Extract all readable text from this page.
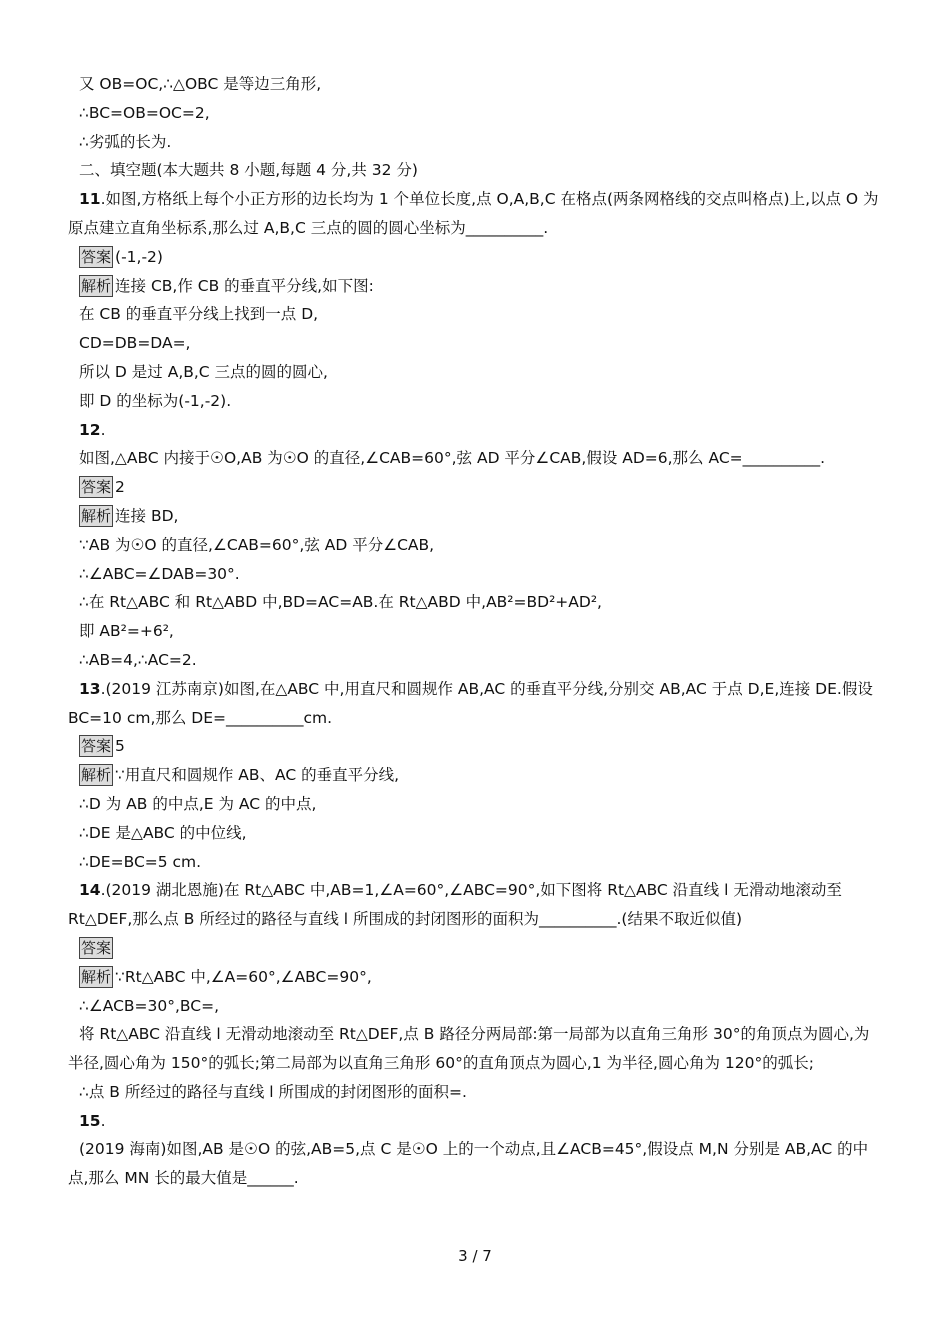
又 OB=OC,∴△OBC 是等边三角形,
∴BC=OB=OC=2,
∴劣弧的长为.
二、填空题(本大题共 8 小题,每题 4 分,共 32 分)
11.如图,方格纸上每个小正方形的边长均为 1 个单位长度,点 O,A,B,C 在格点(两条网格线的交点叫格点)上,以点 O 为原点建立直角坐标系,那么过 A,B,C 三点的圆的圆心坐标为__________.
答案 (-1,-2)
解析 连接 CB,作 CB 的垂直平分线,如下图:
在 CB 的垂直平分线上找到一点 D,
CD=DB=DA=,
所以 D 是过 A,B,C 三点的圆的圆心,
即 D 的坐标为(-1,-2).
12.
如图,△ABC 内接于☉O,AB 为☉O 的直径,∠CAB=60°,弦 AD 平分∠CAB,假设 AD=6,那么 AC=__________.
答案 2
解析 连接 BD,
∵AB 为☉O 的直径,∠CAB=60°,弦 AD 平分∠CAB,
∴∠ABC=∠DAB=30°.
∴在 Rt△ABC 和 Rt△ABD 中,BD=AC=AB.在 Rt△ABD 中,AB²=BD²+AD²,
即 AB²=+6²,
∴AB=4,∴AC=2.
13.(2019 江苏南京)如图,在△ABC 中,用直尺和圆规作 AB,AC 的垂直平分线,分别交 AB,AC 于点 D,E,连接 DE.假设 BC=10 cm,那么 DE=__________cm.
答案 5
解析 ∵用直尺和圆规作 AB、AC 的垂直平分线,
∴D 为 AB 的中点,E 为 AC 的中点,
∴DE 是△ABC 的中位线,
∴DE=BC=5 cm.
14.(2019 湖北恩施)在 Rt△ABC 中,AB=1,∠A=60°,∠ABC=90°,如下图将 Rt△ABC 沿直线 l 无滑动地滚动至 Rt△DEF,那么点 B 所经过的路径与直线 l 所围成的封闭图形的面积为__________.(结果不取近似值)
答案
解析 ∵Rt△ABC 中,∠A=60°,∠ABC=90°,
∴∠ACB=30°,BC=,
将 Rt△ABC 沿直线 l 无滑动地滚动至 Rt△DEF,点 B 路径分两局部:第一局部为以直角三角形 30°的角顶点为圆心,为半径,圆心角为 150°的弧长;第二局部为以直角三角形 60°的直角顶点为圆心,1 为半径,圆心角为 120°的弧长;
∴点 B 所经过的路径与直线 l 所围成的封闭图形的面积=.
15.
(2019 海南)如图,AB 是☉O 的弦,AB=5,点 C 是☉O 上的一个动点,且∠ACB=45°,假设点 M,N 分别是 AB,AC 的中点,那么 MN 长的最大值是______.
3 / 7
